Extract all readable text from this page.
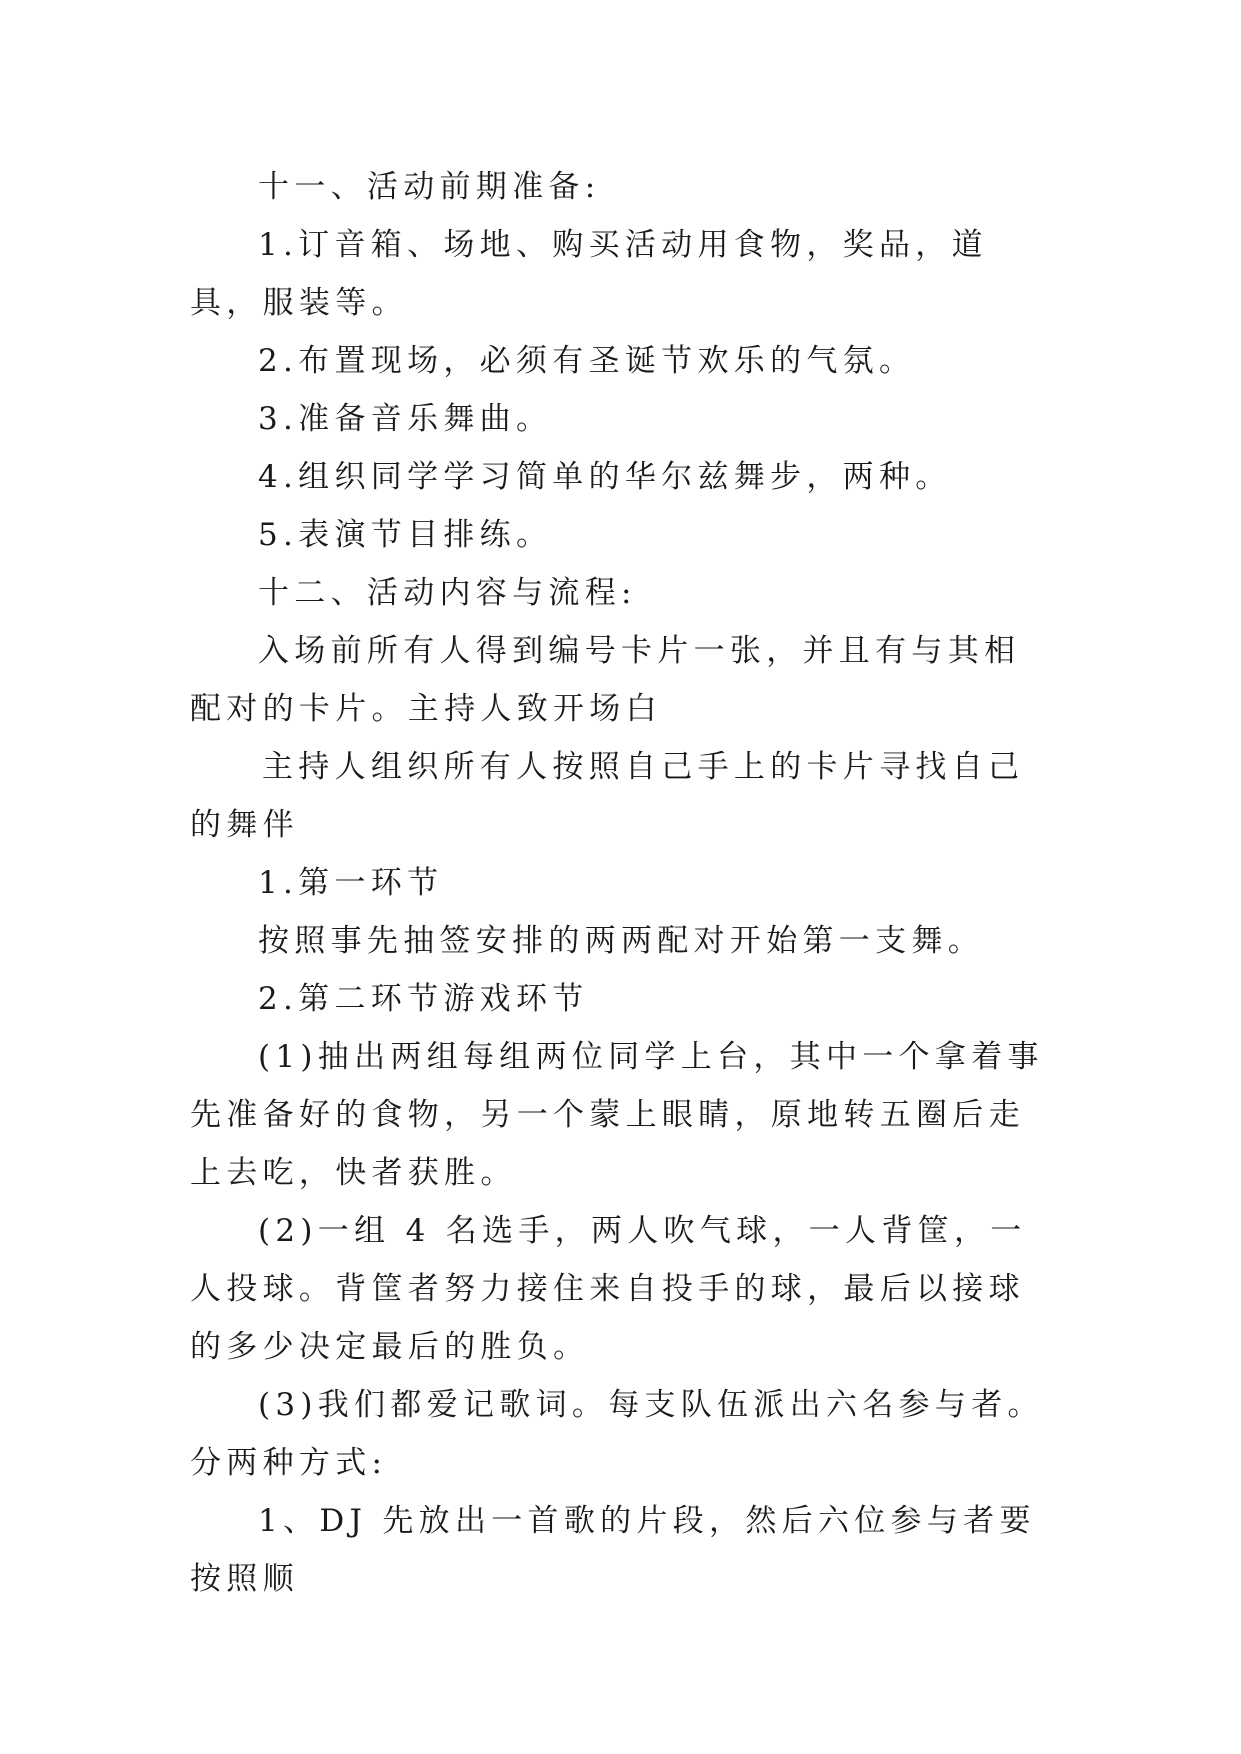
十一、活动前期准备:

1.订音箱、场地、购买活动用食物，奖品，道具，服装等。

2.布置现场，必须有圣诞节欢乐的气氛。

3.准备音乐舞曲。

4.组织同学学习简单的华尔兹舞步，两种。

5.表演节目排练。

十二、活动内容与流程:

入场前所有人得到编号卡片一张，并且有与其相配对的卡片。主持人致开场白

主持人组织所有人按照自己手上的卡片寻找自己的舞伴

1.第一环节

按照事先抽签安排的两两配对开始第一支舞。

2.第二环节游戏环节

(1)抽出两组每组两位同学上台，其中一个拿着事先准备好的食物，另一个蒙上眼睛，原地转五圈后走上去吃，快者获胜。

(2)一组 4 名选手，两人吹气球，一人背筐，一人投球。背筐者努力接住来自投手的球，最后以接球的多少决定最后的胜负。

(3)我们都爱记歌词。每支队伍派出六名参与者。分两种方式:

1、DJ 先放出一首歌的片段，然后六位参与者要按照顺
